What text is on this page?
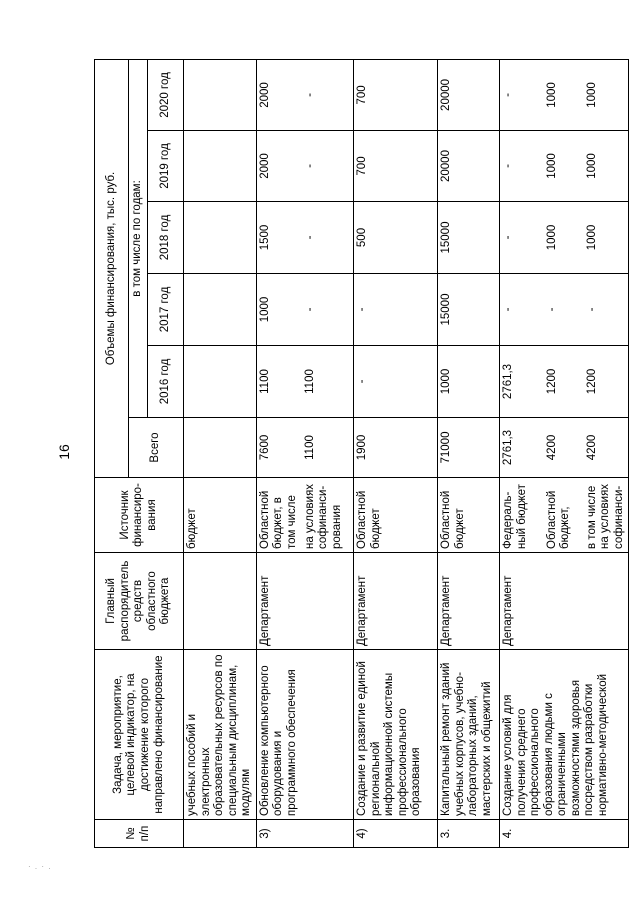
16
· . · .
№ п/п	Задача, мероприятие, целевой индикатор, на достижение которого направлено финансирование	Главный распорядитель средств областного бюджета	Источник финансиро-вания	Объемы финансирования, тыс. руб.					
				Всего	в том числе по годам:				
					2016 год	2017 год	2018 год	2019 год	2020 год
	учебных пособий и электронных образовательных ресурсов по специальным дисциплинам, модулям		бюджет						
3)	Обновление компьютерного оборудования и программного обеспечения	Департамент	Областной бюджет, в том числе	7600	1100	1000	1500	2000	2000
			на условиях софинанси-рования	1100	1100	-	-	-	-
4)	Создание и развитие единой региональной информационной системы профессионального образования	Департамент	Областной бюджет	1900	-	-	500	700	700
3.	Капитальный ремонт зданий учебных корпусов, учебно-лабораторных зданий, мастерских и общежитий	Департамент	Областной бюджет	71000	1000	15000	15000	20000	20000
4.	Создание условий для получения среднего профессионального образования людьми с ограниченными возможностями здоровья посредством разработки нормативно-методической	Департамент	Федераль-ный бюджет	2761,3	2761,3	-	-	-	-
			Областной бюджет,	4200	1200	-	1000	1000	1000
			в том числе на условиях софинанси-	4200	1200	-	1000	1000	1000
